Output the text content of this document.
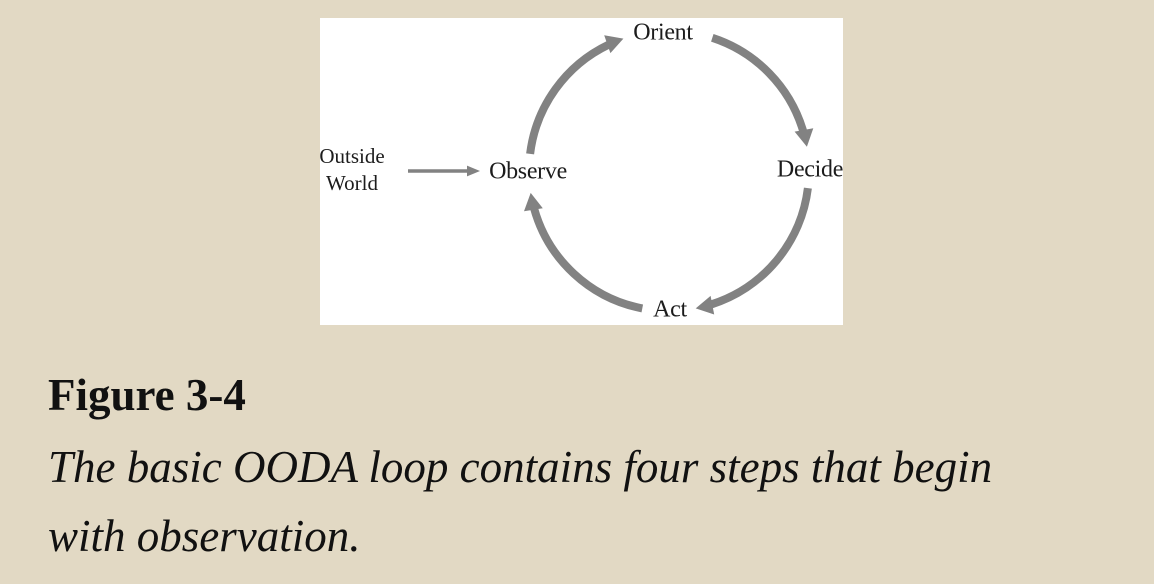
Outside
World	Observe
Orient
Decide
Act
Figure 3-4
The basic OODA loop contains four steps that begin
with observation.
